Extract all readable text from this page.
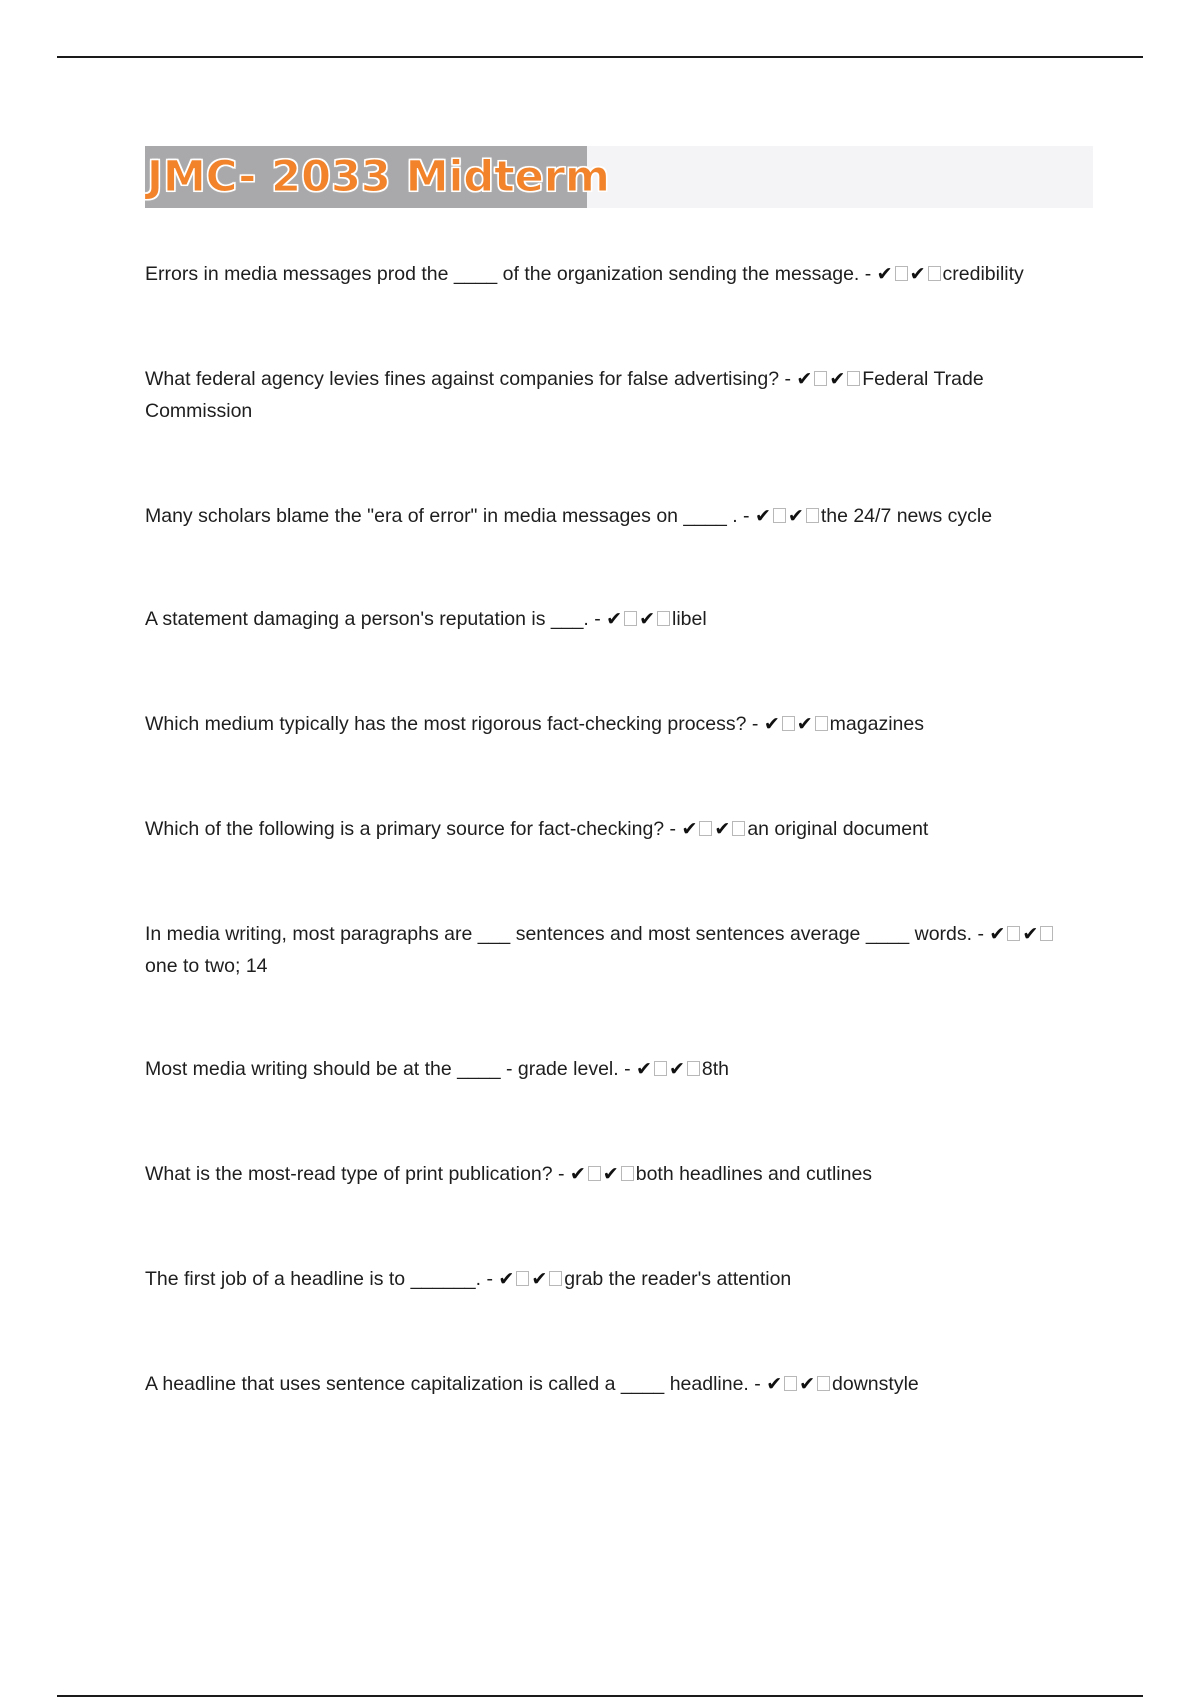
JMC- 2033 Midterm
Errors in media messages prod the ____ of the organization sending the message. - ✔ ✔ credibility
What federal agency levies fines against companies for false advertising? - ✔ ✔ Federal Trade Commission
Many scholars blame the "era of error" in media messages on ____ . - ✔ ✔ the 24/7 news cycle
A statement damaging a person's reputation is ___. - ✔ ✔ libel
Which medium typically has the most rigorous fact-checking process? - ✔ ✔ magazines
Which of the following is a primary source for fact-checking? - ✔ ✔ an original document
In media writing, most paragraphs are ___ sentences and most sentences average ____ words. - ✔ ✔one to two; 14
Most media writing should be at the ____ - grade level. - ✔ ✔ 8th
What is the most-read type of print publication? - ✔ ✔ both headlines and cutlines
The first job of a headline is to ______. - ✔ ✔ grab the reader's attention
A headline that uses sentence capitalization is called a ____ headline. - ✔ ✔ downstyle
